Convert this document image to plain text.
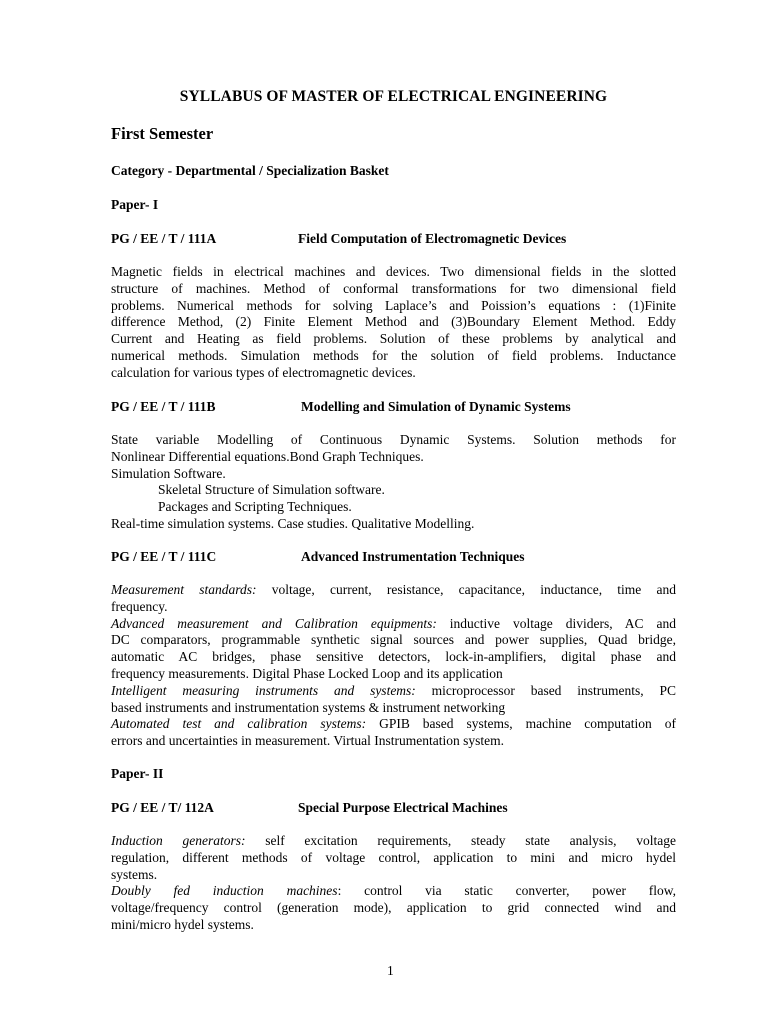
SYLLABUS OF MASTER OF ELECTRICAL ENGINEERING
First Semester
Category - Departmental / Specialization Basket
Paper- I
PG / EE / T / 111A	Field Computation of Electromagnetic Devices
Magnetic fields in electrical machines and devices. Two dimensional fields in the slotted
structure of machines. Method of conformal transformations for two dimensional field
problems. Numerical methods for solving Laplace’s and Poission’s equations : (1)Finite
difference Method, (2) Finite Element Method and (3)Boundary Element Method. Eddy
Current and Heating as field problems. Solution of these problems by analytical and
numerical methods. Simulation methods for the solution of field problems. Inductance
calculation for various types of electromagnetic devices.
PG / EE / T / 111B	Modelling and Simulation of Dynamic Systems
State variable Modelling of Continuous Dynamic Systems. Solution methods for
Nonlinear Differential equations.Bond Graph Techniques.
Simulation Software.
Skeletal Structure of Simulation software.
Packages and Scripting Techniques.
Real-time simulation systems. Case studies. Qualitative Modelling.
PG / EE / T / 111C	Advanced Instrumentation Techniques
Measurement standards: voltage, current, resistance, capacitance, inductance, time and
frequency.
Advanced measurement and Calibration equipments: inductive voltage dividers, AC and
DC comparators, programmable synthetic signal sources and power supplies, Quad bridge,
automatic AC bridges, phase sensitive detectors, lock-in-amplifiers, digital phase and
frequency measurements. Digital Phase Locked Loop and its application
Intelligent measuring instruments and systems: microprocessor based instruments, PC
based instruments and instrumentation systems & instrument networking
Automated test and calibration systems: GPIB based systems, machine computation of
errors and uncertainties in measurement. Virtual Instrumentation system.
Paper- II
PG / EE / T/ 112A	Special Purpose Electrical Machines
Induction generators: self excitation requirements, steady state analysis, voltage
regulation, different methods of voltage control, application to mini and micro hydel
systems.
Doubly fed induction machines: control via static converter, power flow,
voltage/frequency control (generation mode), application to grid connected wind and
mini/micro hydel systems.
1
